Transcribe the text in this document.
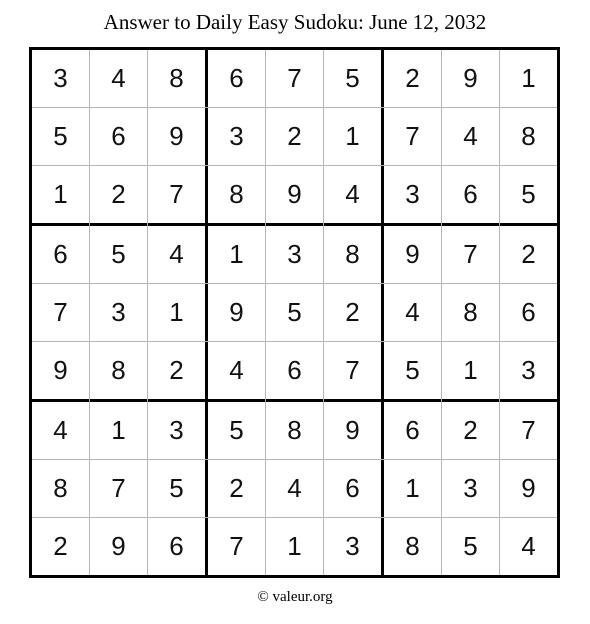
Answer to Daily Easy Sudoku: June 12, 2032
3	4	8	6	7	5	2	9	1
5	6	9	3	2	1	7	4	8
1	2	7	8	9	4	3	6	5
6	5	4	1	3	8	9	7	2
7	3	1	9	5	2	4	8	6
9	8	2	4	6	7	5	1	3
4	1	3	5	8	9	6	2	7
8	7	5	2	4	6	1	3	9
2	9	6	7	1	3	8	5	4
© valeur.org
